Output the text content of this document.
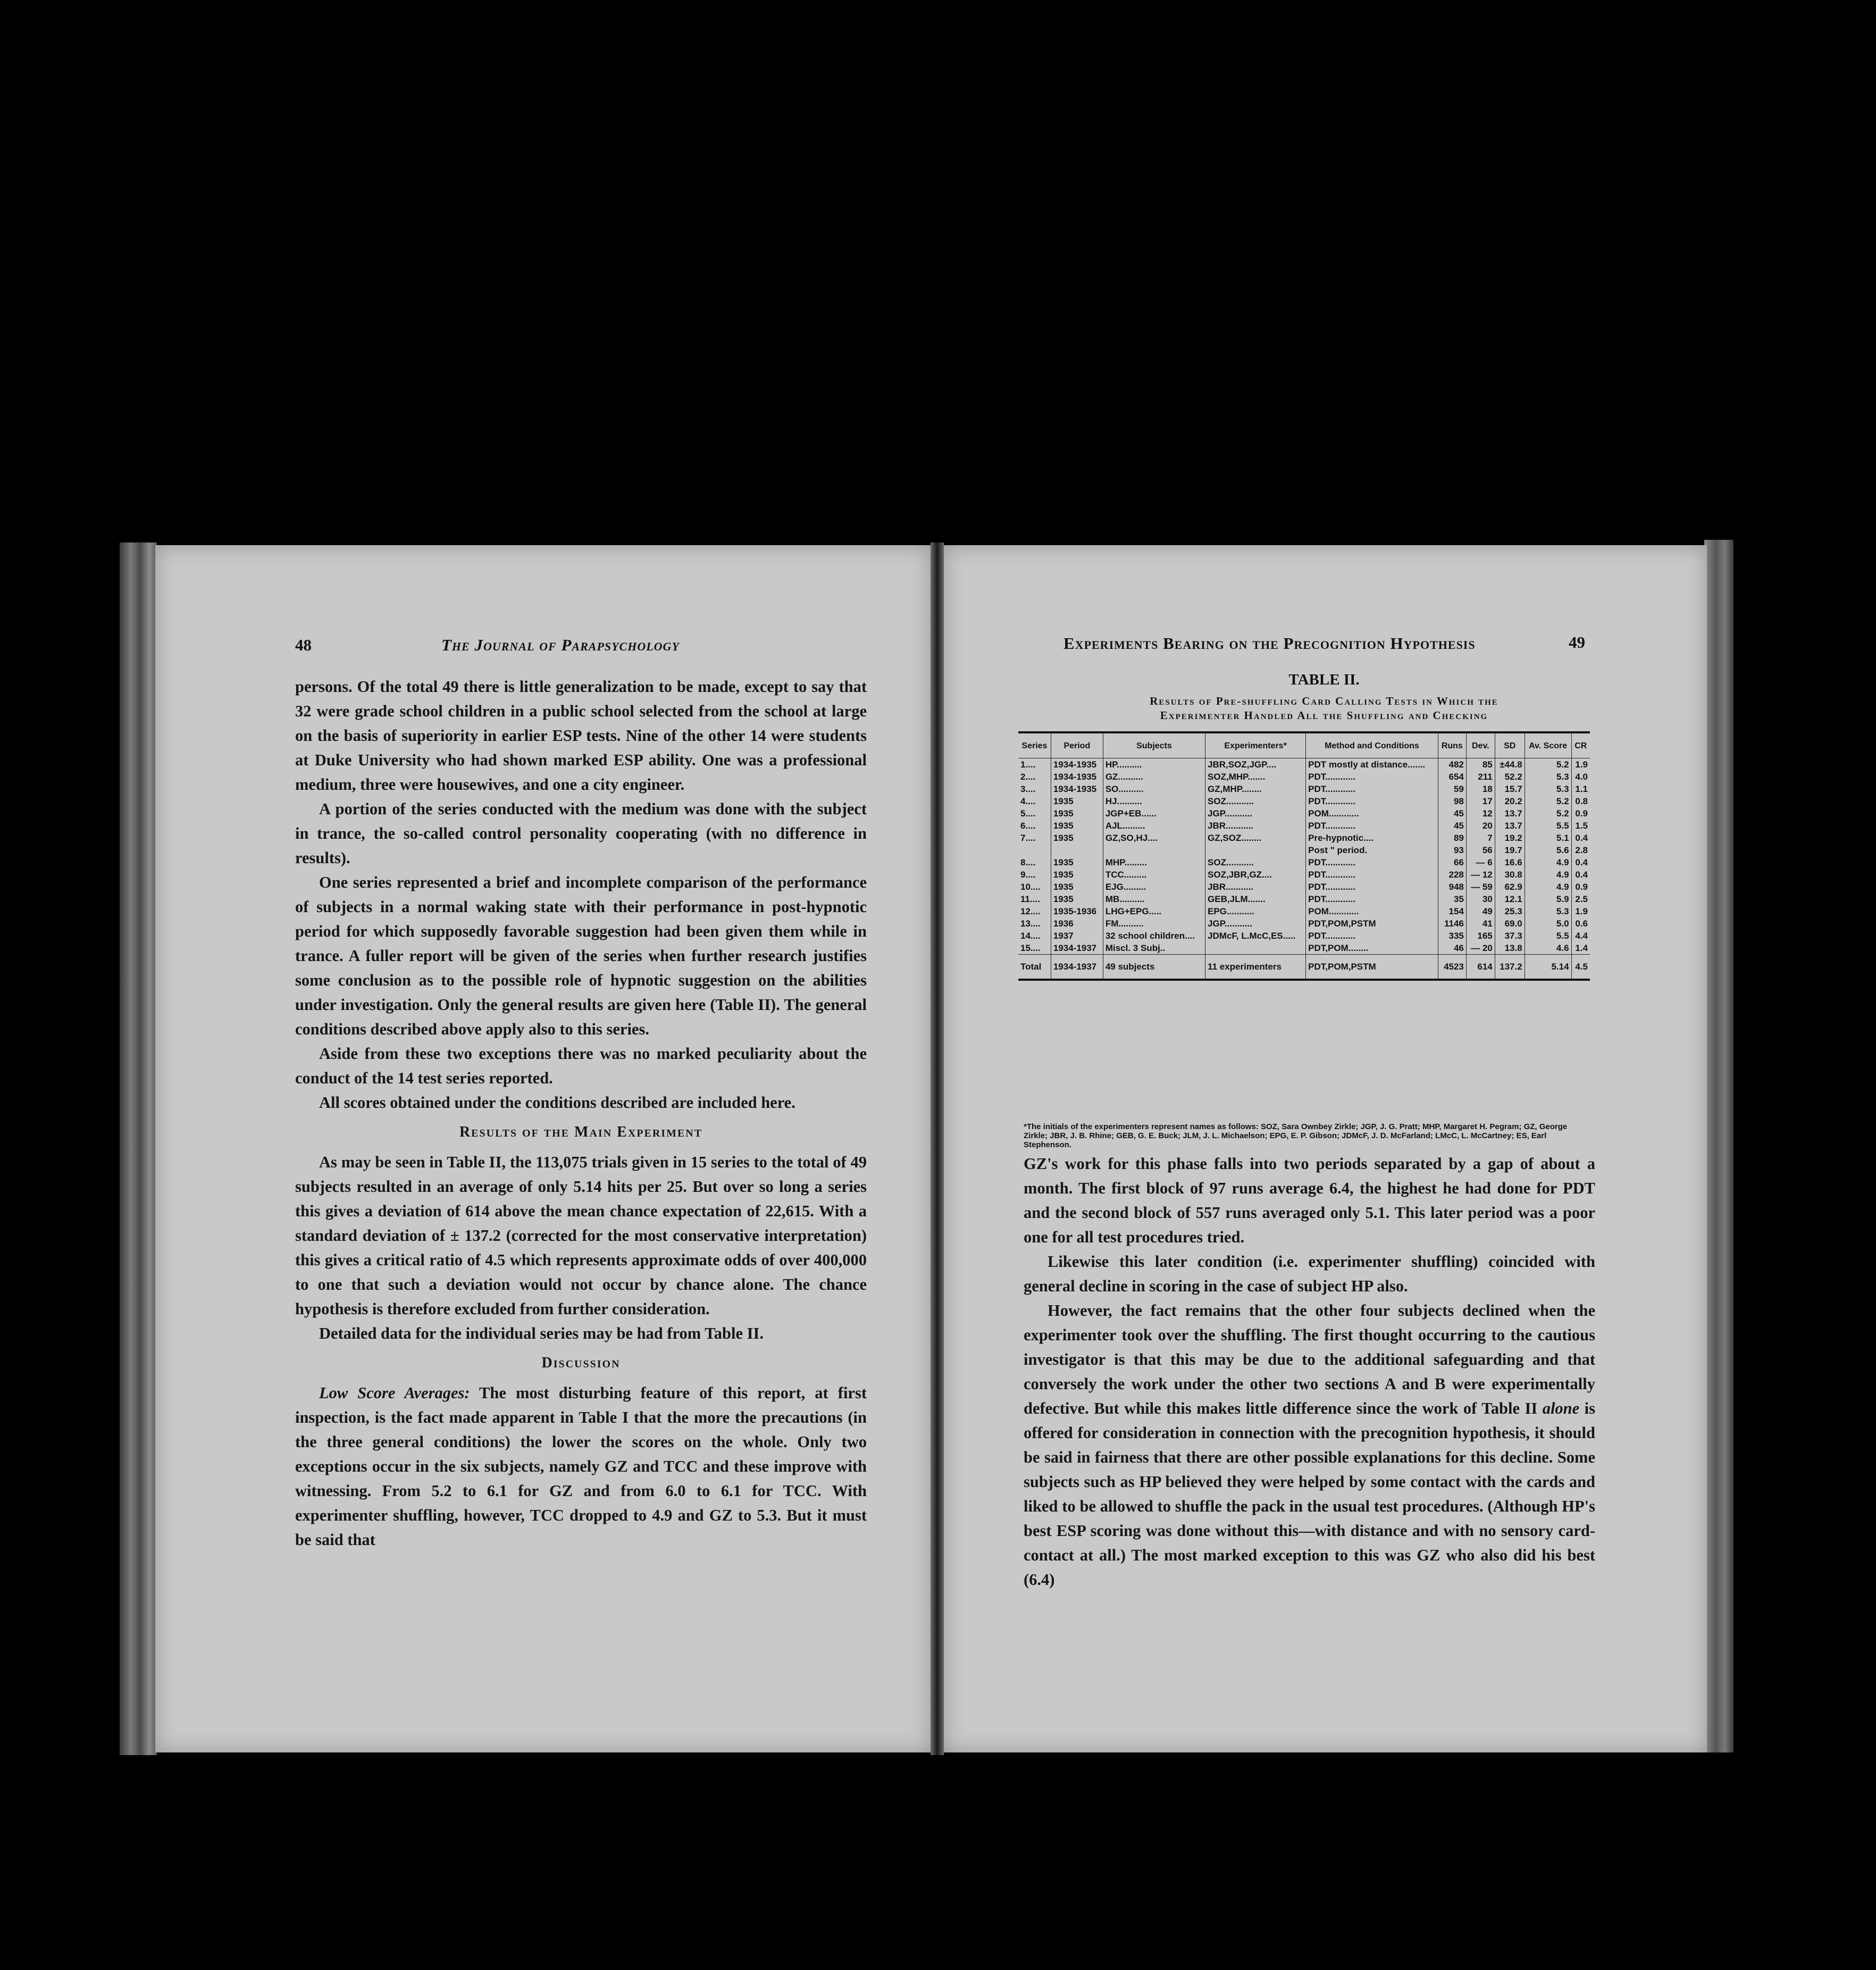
48	The Journal of Parapsychology

persons. Of the total 49 there is little generalization to be made, except to say that 32 were grade school children in a public school selected from the school at large on the basis of superiority in earlier ESP tests. Nine of the other 14 were students at Duke University who had shown marked ESP ability. One was a professional medium, three were housewives, and one a city engineer.

A portion of the series conducted with the medium was done with the subject in trance, the so-called control personality cooperating (with no difference in results).

One series represented a brief and incomplete comparison of the performance of subjects in a normal waking state with their performance in post-hypnotic period for which supposedly favorable suggestion had been given them while in trance. A fuller report will be given of the series when further research justifies some conclusion as to the possible role of hypnotic suggestion on the abilities under investigation. Only the general results are given here (Table II). The general conditions described above apply also to this series.

Aside from these two exceptions there was no marked peculiarity about the conduct of the 14 test series reported.

All scores obtained under the conditions described are included here.

Results of the Main Experiment

As may be seen in Table II, the 113,075 trials given in 15 series to the total of 49 subjects resulted in an average of only 5.14 hits per 25. But over so long a series this gives a deviation of 614 above the mean chance expectation of 22,615. With a standard deviation of ± 137.2 (corrected for the most conservative interpretation) this gives a critical ratio of 4.5 which represents approximate odds of over 400,000 to one that such a deviation would not occur by chance alone. The chance hypothesis is therefore excluded from further consideration.

Detailed data for the individual series may be had from Table II.

Discussion

Low Score Averages: The most disturbing feature of this report, at first inspection, is the fact made apparent in Table I that the more the precautions (in the three general conditions) the lower the scores on the whole. Only two exceptions occur in the six subjects, namely GZ and TCC and these improve with witnessing. From 5.2 to 6.1 for GZ and from 6.0 to 6.1 for TCC. With experimenter shuffling, however, TCC dropped to 4.9 and GZ to 5.3. But it must be said that

Experiments Bearing on the Precognition Hypothesis	49
TABLE II.
Results of Pre-shuffling Card Calling Tests in Which the
Experimenter Handled All the Shuffling and Checking
Series	Period	Subjects	Experimenters*	Method and Conditions	Runs	Dev.	SD	Av. Score	CR
1....	1934-1935	HP..........	JBR,SOZ,JGP....	PDT mostly at distance.......	482	85	±44.8	5.2	1.9
2....	1934-1935	GZ..........	SOZ,MHP.......	PDT............	654	211	52.2	5.3	4.0
3....	1934-1935	SO..........	GZ,MHP........	PDT............	59	18	15.7	5.3	1.1
4....	1935	HJ..........	SOZ...........	PDT............	98	17	20.2	5.2	0.8
5....	1935	JGP+EB......	JGP...........	POM............	45	12	13.7	5.2	0.9
6....	1935	AJL.........	JBR...........	PDT............	45	20	13.7	5.5	1.5
7....	1935	GZ,SO,HJ....	GZ,SOZ........	Pre-hypnotic....	89	7	19.2	5.1	0.4
				Post " period.	93	56	19.7	5.6	2.8
8....	1935	MHP.........	SOZ...........	PDT............	66	— 6	16.6	4.9	0.4
9....	1935	TCC.........	SOZ,JBR,GZ....	PDT............	228	— 12	30.8	4.9	0.4
10....	1935	EJG.........	JBR...........	PDT............	948	— 59	62.9	4.9	0.9
11....	1935	MB..........	GEB,JLM.......	PDT............	35	30	12.1	5.9	2.5
12....	1935-1936	LHG+EPG.....	EPG...........	POM............	154	49	25.3	5.3	1.9
13....	1936	FM..........	JGP...........	PDT,POM,PSTM	1146	41	69.0	5.0	0.6
14....	1937	32 school children....	JDMcF, L.McC,ES.....	PDT............	335	165	37.3	5.5	4.4
15....	1934-1937	Miscl. 3 Subj..		PDT,POM........	46	— 20	13.8	4.6	1.4
Total	1934-1937	49 subjects	11 experimenters	PDT,POM,PSTM	4523	614	137.2	5.14	4.5
*The initials of the experimenters represent names as follows: SOZ, Sara Ownbey Zirkle; JGP, J. G. Pratt; MHP, Margaret H. Pegram; GZ, George Zirkle; JBR, J. B. Rhine; GEB, G. E. Buck; JLM, J. L. Michaelson; EPG, E. P. Gibson; JDMcF, J. D. McFarland; LMcC, L. McCartney; ES, Earl Stephenson.

GZ's work for this phase falls into two periods separated by a gap of about a month. The first block of 97 runs average 6.4, the highest he had done for PDT and the second block of 557 runs averaged only 5.1. This later period was a poor one for all test procedures tried.

Likewise this later condition (i.e. experimenter shuffling) coincided with general decline in scoring in the case of subject HP also.

However, the fact remains that the other four subjects declined when the experimenter took over the shuffling. The first thought occurring to the cautious investigator is that this may be due to the additional safeguarding and that conversely the work under the other two sections A and B were experimentally defective. But while this makes little difference since the work of Table II alone is offered for consideration in connection with the precognition hypothesis, it should be said in fairness that there are other possible explanations for this decline. Some subjects such as HP believed they were helped by some contact with the cards and liked to be allowed to shuffle the pack in the usual test procedures. (Although HP's best ESP scoring was done without this—with distance and with no sensory card-contact at all.) The most marked exception to this was GZ who also did his best (6.4)
